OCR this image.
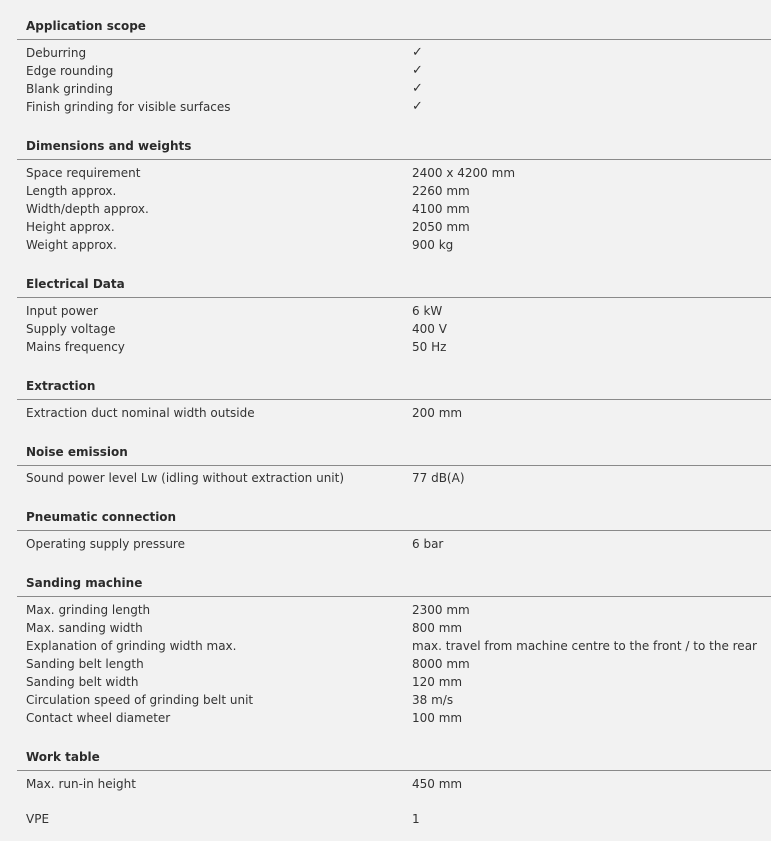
Application scope
Deburring	✓
Edge rounding	✓
Blank grinding	✓
Finish grinding for visible surfaces	✓
Dimensions and weights
Space requirement	2400 x 4200 mm
Length approx.	2260 mm
Width/depth approx.	4100 mm
Height approx.	2050 mm
Weight approx.	900 kg
Electrical Data
Input power	6 kW
Supply voltage	400 V
Mains frequency	50 Hz
Extraction
Extraction duct nominal width outside	200 mm
Noise emission
Sound power level Lw (idling without extraction unit)	77 dB(A)
Pneumatic connection
Operating supply pressure	6 bar
Sanding machine
Max. grinding length	2300 mm
Max. sanding width	800 mm
Explanation of grinding width max.	max. travel from machine centre to the front / to the rear
Sanding belt length	8000 mm
Sanding belt width	120 mm
Circulation speed of grinding belt unit	38 m/s
Contact wheel diameter	100 mm
Work table
Max. run-in height	450 mm
VPE	1
